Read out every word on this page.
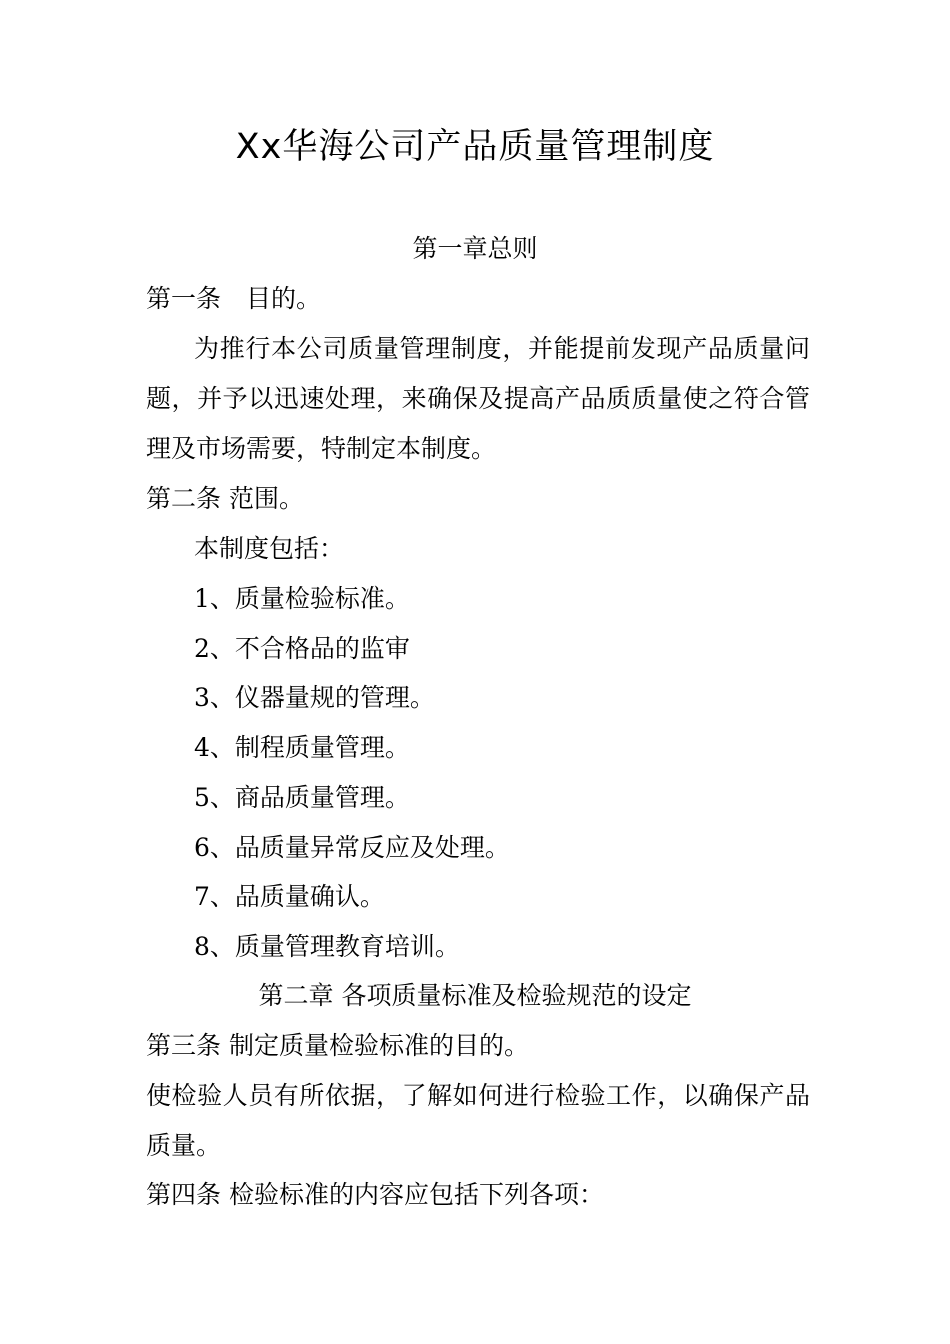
Xx华海公司产品质量管理制度
第一章总则
第一条　目的。
为推行本公司质量管理制度，并能提前发现产品质量问
题，并予以迅速处理，来确保及提高产品质质量使之符合管
理及市场需要，特制定本制度。
第二条 范围。
本制度包括：
1、质量检验标准。
2、不合格品的监审
3、仪器量规的管理。
4、制程质量管理。
5、商品质量管理。
6、品质量异常反应及处理。
7、品质量确认。
8、质量管理教育培训。
第二章 各项质量标准及检验规范的设定
第三条 制定质量检验标准的目的。
使检验人员有所依据，了解如何进行检验工作，以确保产品
质量。
第四条 检验标准的内容应包括下列各项：
